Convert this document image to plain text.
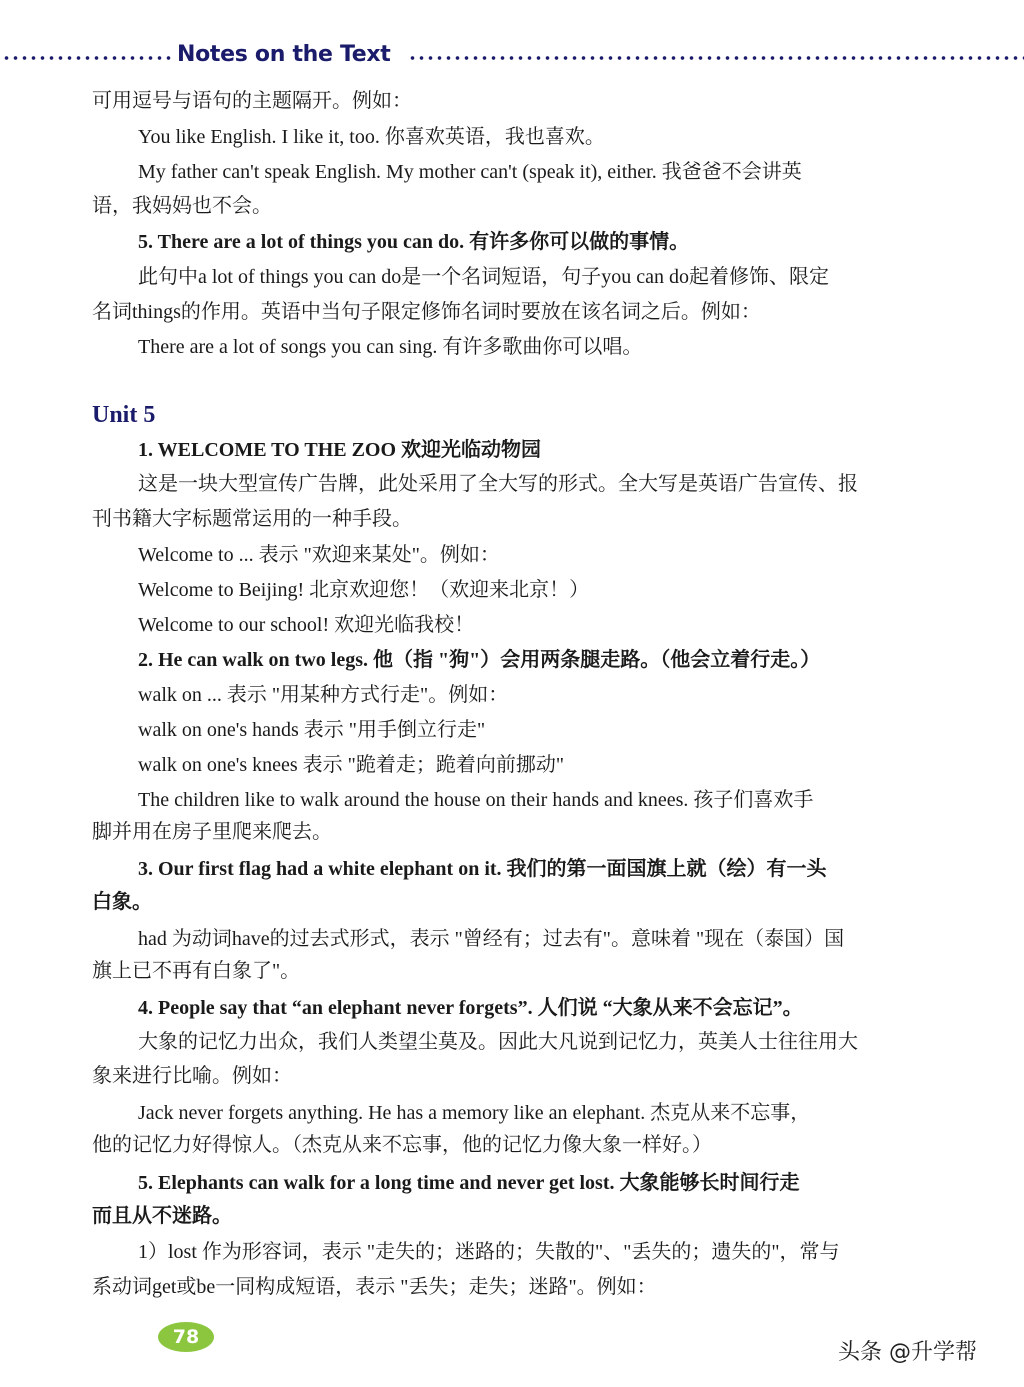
Notes on the Text
可用逗号与语句的主题隔开。例如：
You like English. I like it, too. 你喜欢英语，我也喜欢。
My father can't speak English. My mother can't (speak it), either. 我爸爸不会讲英
语，我妈妈也不会。
5. There are a lot of things you can do. 有许多你可以做的事情。
此句中a lot of things you can do是一个名词短语，句子you can do起着修饰、限定
名词things的作用。英语中当句子限定修饰名词时要放在该名词之后。例如：
There are a lot of songs you can sing. 有许多歌曲你可以唱。
Unit 5
1. WELCOME TO THE ZOO 欢迎光临动物园
这是一块大型宣传广告牌，此处采用了全大写的形式。全大写是英语广告宣传、报
刊书籍大字标题常运用的一种手段。
Welcome to ... 表示 "欢迎来某处"。例如：
Welcome to Beijing! 北京欢迎您！（欢迎来北京！）
Welcome to our school! 欢迎光临我校！
2. He can walk on two legs. 他（指 "狗"）会用两条腿走路。（他会立着行走。）
walk on ... 表示 "用某种方式行走"。例如：
walk on one's hands 表示 "用手倒立行走"
walk on one's knees 表示 "跪着走；跪着向前挪动"
The children like to walk around the house on their hands and knees. 孩子们喜欢手
脚并用在房子里爬来爬去。
3. Our first flag had a white elephant on it. 我们的第一面国旗上就（绘）有一头
白象。
had 为动词have的过去式形式，表示 "曾经有；过去有"。意味着 "现在（泰国）国
旗上已不再有白象了"。
4. People say that “an elephant never forgets”. 人们说 “大象从来不会忘记”。
大象的记忆力出众，我们人类望尘莫及。因此大凡说到记忆力，英美人士往往用大
象来进行比喻。例如：
Jack never forgets anything. He has a memory like an elephant. 杰克从来不忘事，
他的记忆力好得惊人。（杰克从来不忘事，他的记忆力像大象一样好。）
5. Elephants can walk for a long time and never get lost. 大象能够长时间行走
而且从不迷路。
1）lost 作为形容词，表示 "走失的；迷路的；失散的"、"丢失的；遗失的"，常与
系动词get或be一同构成短语，表示 "丢失；走失；迷路"。例如：
78
头条 @升学帮
